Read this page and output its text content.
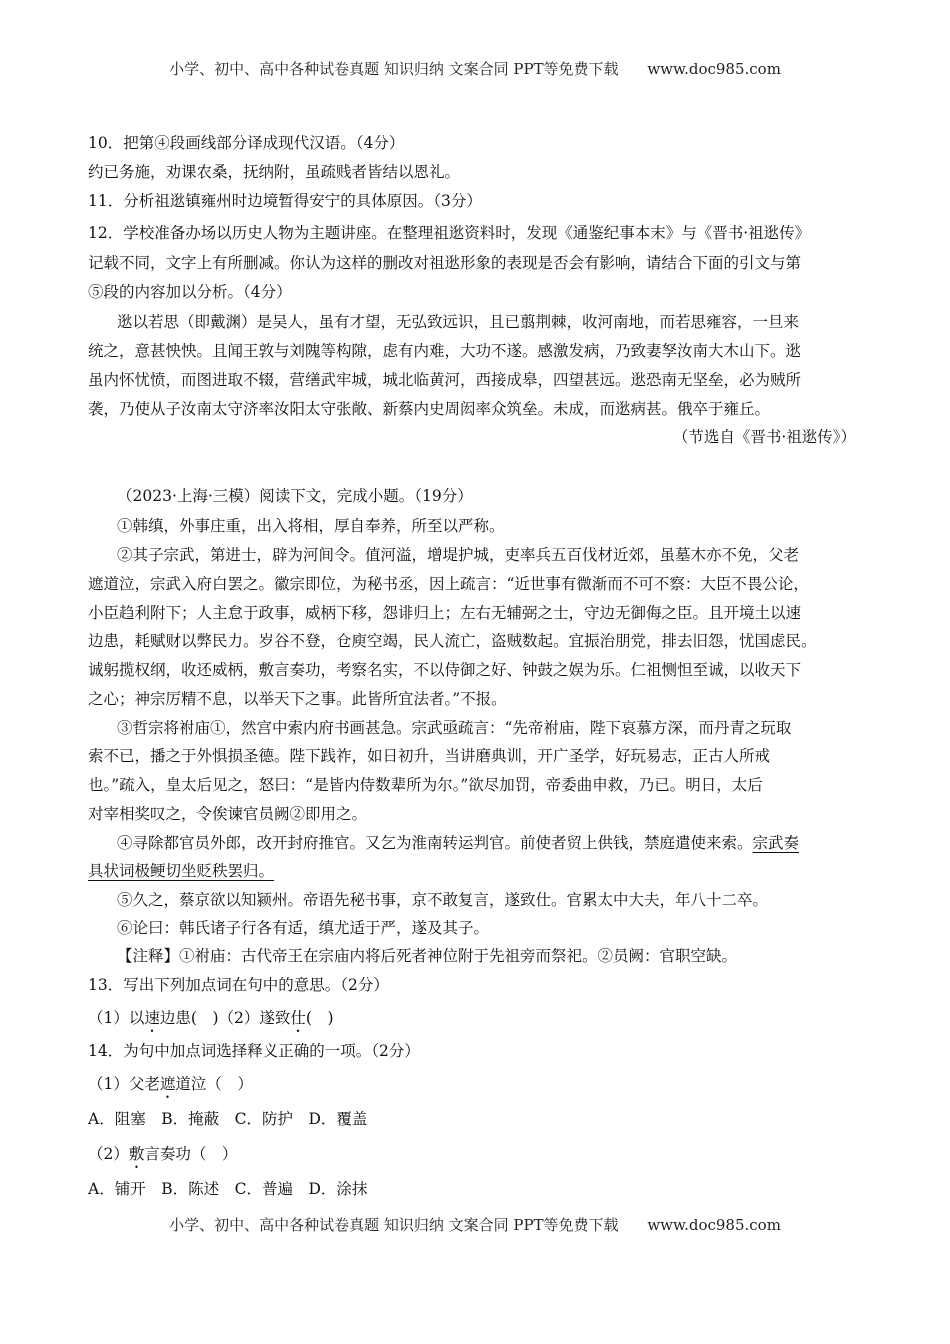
小学、初中、高中各种试卷真题 知识归纳 文案合同 PPT等免费下载 www.doc985.com
10．把第④段画线部分译成现代汉语。（4分）
约已务施，劝课农桑，抚纳附，虽疏贱者皆结以恩礼。
11．分析祖逖镇雍州时边境暂得安宁的具体原因。（3分）
12．学校准备办场以历史人物为主题讲座。在整理祖逖资料时，发现《通鉴纪事本末》与《晋书·祖逖传》
记载不同，文字上有所删减。你认为这样的删改对祖逖形象的表现是否会有影响，请结合下面的引文与第
⑤段的内容加以分析。（4分）
逖以若思（即戴渊）是吴人，虽有才望，无弘致远识，且已翦荆棘，收河南地，而若思雍容，一旦来
统之，意甚怏怏。且闻王敦与刘隗等构隙，虑有内难，大功不遂。感激发病，乃致妻孥汝南大木山下。逖
虽内怀忧愤，而图进取不辍，营缮武牢城，城北临黄河，西接成皋，四望甚远。逖恐南无坚垒，必为贼所
袭，乃使从子汝南太守济率汝阳太守张敞、新蔡内史周闳率众筑垒。未成，而逖病甚。俄卒于雍丘。
（节选自《晋书·祖逖传》）
（2023·上海·三模）阅读下文，完成小题。（19分）
①韩缜，外事庄重，出入将相，厚自奉养，所至以严称。
②其子宗武，第进士，辟为河间令。值河溢，增堤护城，吏率兵五百伐材近郊，虽墓木亦不免，父老
遮道泣，宗武入府白罢之。徽宗即位，为秘书丞，因上疏言：“近世事有微渐而不可不察：大臣不畏公论，
小臣趋利附下；人主怠于政事，威柄下移，怨诽归上；左右无辅弼之士，守边无御侮之臣。且开境土以速
边患，耗赋财以弊民力。岁谷不登，仓庾空竭，民人流亡，盗贼数起。宜振治朋党，排去旧怨，忧国虑民。
诚躬揽权纲，收还威柄，敷言奏功，考察名实，不以侍御之好、钟鼓之娱为乐。仁祖恻怛至诚，以收天下
之心；神宗厉精不息，以举天下之事。此皆所宜法者。”不报。
③哲宗将祔庙①，然宫中索内府书画甚急。宗武亟疏言：“先帝祔庙，陛下哀慕方深，而丹青之玩取
索不已，播之于外惧损圣德。陛下践祚，如日初升，当讲磨典训，开广圣学，好玩易志，正古人所戒
也。”疏入，皇太后见之，怒曰：“是皆内侍数辈所为尔。”欲尽加罚，帝委曲申救，乃已。明日，太后
对宰相奖叹之，令俟谏官员阙②即用之。
④寻除都官员外郎，改开封府推官。又乞为淮南转运判官。前使者贸上供钱，禁庭遣使来索。宗武奏
具状词极鲠切坐贬秩罢归。
⑤久之，蔡京欲以知颍州。帝语先秘书事，京不敢复言，遂致仕。官累太中大夫，年八十二卒。
⑥论曰：韩氏诸子行各有适，缜尤适于严，遂及其子。
【注释】①祔庙：古代帝王在宗庙内将后死者神位附于先祖旁而祭祀。②员阙：官职空缺。
13．写出下列加点词在句中的意思。（2分）
（1）以速边患(　)（2）遂致仕(　)
14．为句中加点词选择释义正确的一项。（2分）
（1）父老遮道泣（　）
A．阻塞　B．掩蔽　C．防护　D．覆盖
（2）敷言奏功（　）
A．铺开　B．陈述　C．普遍　D．涂抹
小学、初中、高中各种试卷真题 知识归纳 文案合同 PPT等免费下载 www.doc985.com
